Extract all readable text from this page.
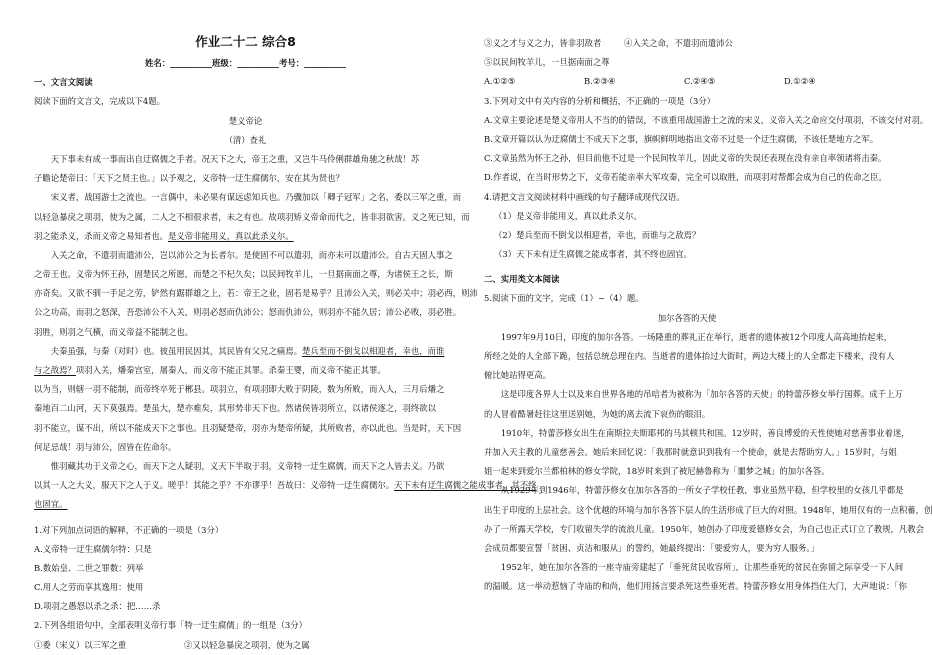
作业二十二 综合8
姓名：__________班级：__________考号：__________
一、文言文阅读
阅读下面的文言文，完成以下4题。
楚义帝论
（清）查礼
天下事未有成一事而出自迂腐儒之手者。况天下之大，帝王之重，又岂牛马伶俐群雄角驰之秋哉！苏
子瞻论楚帝曰：「天下之贤主也。」以予观之，义帝特一迂生腐儒尔，安在其为贤也？
宋义者，战国游士之流也。一言偶中，未必果有谋远虑知兵也。乃骤加以「卿子冠军」之名，委以三军之重，而
以轻急暴戾之项羽，使为之属，二人之不相很求者，未之有也。故项羽矫义帝命而代之，皆非羽欲害。义之死已知，而
羽之能杀义，杀而义帝之易知者也。是义帝非能用义，真以此杀义尔。
入关之命，不遣羽而遣沛公，岂以沛公之为长者尔。是使固不可以遣羽，而亦未可以遣沛公。自古天固人事之
之帝王也。义帝为怀王孙，固楚民之所愿，而楚之不杞久矣；以民间牧羊儿，一旦据南面之尊，为诸侯王之长，斯
亦奇矣。又欲不驯一手足之劳，铲然有踞群雄之上，若：帝王之业，固若是易乎？且沛公入关，则必关中；羽必西，则沛
公之功高，而羽之怒深，吾恐沛公不入关，则羽必怒而仇沛公；怒而仇沛公，则羽亦不能久居；沛公必败，羽必胜。
羽胜，则羽之气横，而义帝益不能制之也。
夫秦虽强，与秦（对时）也。彼虽用民因其，其民皆有父兄之痛焉。楚兵至而不倒戈以相迎者，幸也，而谁
与之敌焉？项羽入关，燔秦宫室，屠秦人，而义帝不能正其罪。杀秦王婴，而义帝不能正其罪。
以为当，则辖一羽不能制，而帝终卒死于郴县。项羽立，有项羽即大败于阴陵，数为所败，而入人，三月后燔之
秦地百二山河，天下莫强焉。楚虽大，楚亦难矣，其形势非天下也。然诸侯皆羽所立，以诸侯逐之，羽终欲以
羽不能立，谋不出，所以不能成天下之事也。且羽疑楚帝，羽亦为楚帝所疑，其所败者，亦以此也。当是时，天下因
何足忌哉！羽与沛公，固皆在佐命尔。
惟羽藏其功于义帝之心，而天下之人疑羽，义天下半取于羽，义帝特一迂生腐儒，而天下之人皆去义。乃欲
以其一人之大义，服天下之人于义。嗟乎！其能之乎？不亦谬乎！吾故曰：义帝特一迂生腐儒尔。天下未有迂生腐儒之能成事者，其不终
也固宜。
1.对下列加点词语的解释，不正确的一项是（3分）
A.义帝特一迂生腐儒尔特：只是
B.数始皇、二世之罪数：列举
C.用人之劳而享其逸用：使用
D.项羽之愚怒以杀之杀：把……杀
2.下列各组语句中，全部表明义帝行事「特一迂生腐儒」的一组是（3分）
①委（宋义）以三军之重	②又以轻急暴戾之项羽，使为之属
③义之才与义之力，皆非羽敌者	④入关之命，不遣羽而遣沛公
⑤以民间牧羊儿，一旦据南面之尊
A.①②⑤	B.②③④	C.②④⑤	D.①②④
3.下列对文中有关内容的分析和概括，不正确的一项是（3分）
A.文章主要论述是楚义帝用人不当的的错误，不该重用战国游士之流的宋义，义帝入关之命应交付项羽，不该交付对羽。
B.文章开篇以认为迂腐儒士不成天下之事，旗帜鲜明地指出文帝不过是一个迂生腐儒，不该任楚地方之军。
C.文章虽然为怀王之孙，但目前他不过是一个民间牧羊儿，因此义帝的失误还表现在没有亲自率领诸将击秦。
D.作者说，在当时形势之下，义帝若能亲率大军攻秦，完全可以取胜，而项羽对帮都会成为自己的佐命之臣。
4.请把文言文阅读材料中画线的句子翻译成现代汉语。
（1）是义帝非能用义，真以此杀义尔。
（2）楚兵至而不倒戈以相迎者，幸也，而谁与之敌焉？
（3）天下未有迂生腐儒之能成事者，其不终也固宜。
二、实用类文本阅读
5.阅读下面的文字，完成（1）~（4）题。
加尔各答的天使
1997年9月10日，印度的加尔各答。一场隆重的葬礼正在举行，逝者的遗体被12个印度人高高地抬起来，
所经之处的人全部下跪，包括总统总理在内。当逝者的遗体抬过大街时，两边大楼上的人全都走下楼来，没有人
俯比她站得更高。
这是印度各界人士以及来自世界各地的吊唁者为被称为「加尔各答的天使」的特蕾莎修女举行国葬。成千上万
的人冒着酷暑赶往这里送别她，为她的离去流下哀伤的眼泪。
1910年，特蕾莎修女出生在南斯拉夫斯耶邦的马其顿共和国。12岁时，善良博爱的天性使她对慈善事业着迷，
并加入天主教的儿童慈善会。她后来回忆说：「我那时就意识到我有一个使命，就是去帮助穷人。」15岁时，与姐
姐一起来到爱尔兰都柏林的修女学院，18岁时来到了被尼赫鲁称为「噩梦之城」的加尔各答。
从1929年到1946年，特蕾莎修女在加尔各答的一所女子学校任教，事业虽然平稳，但学校里的女孩几乎都是
出生于印度的上层社会。这个优越的环境与加尔各答下层人的生活形成了巨大的对照。1948年，她用仅有的一点积蓄，创
办了一所露天学校，专门收留失学的流浪儿童。1950年，她创办了印度爱德修女会，为自己也正式订立了教规，凡教会
会成员都要宣誓「贫困、贞洁和服从」的誓约，她最终提出：「要爱穷人，要为穷人服务。」
1952年，她在加尔各答的一座寺庙旁建起了「垂死贫民收容所」，让那些垂死的贫民在弥留之际享受一下人间
的温暖。这一举动惹恼了寺庙的和尚，他们用扬言要杀死这些垂死者。特蕾莎修女用身体挡住大门，大声地说：「你
